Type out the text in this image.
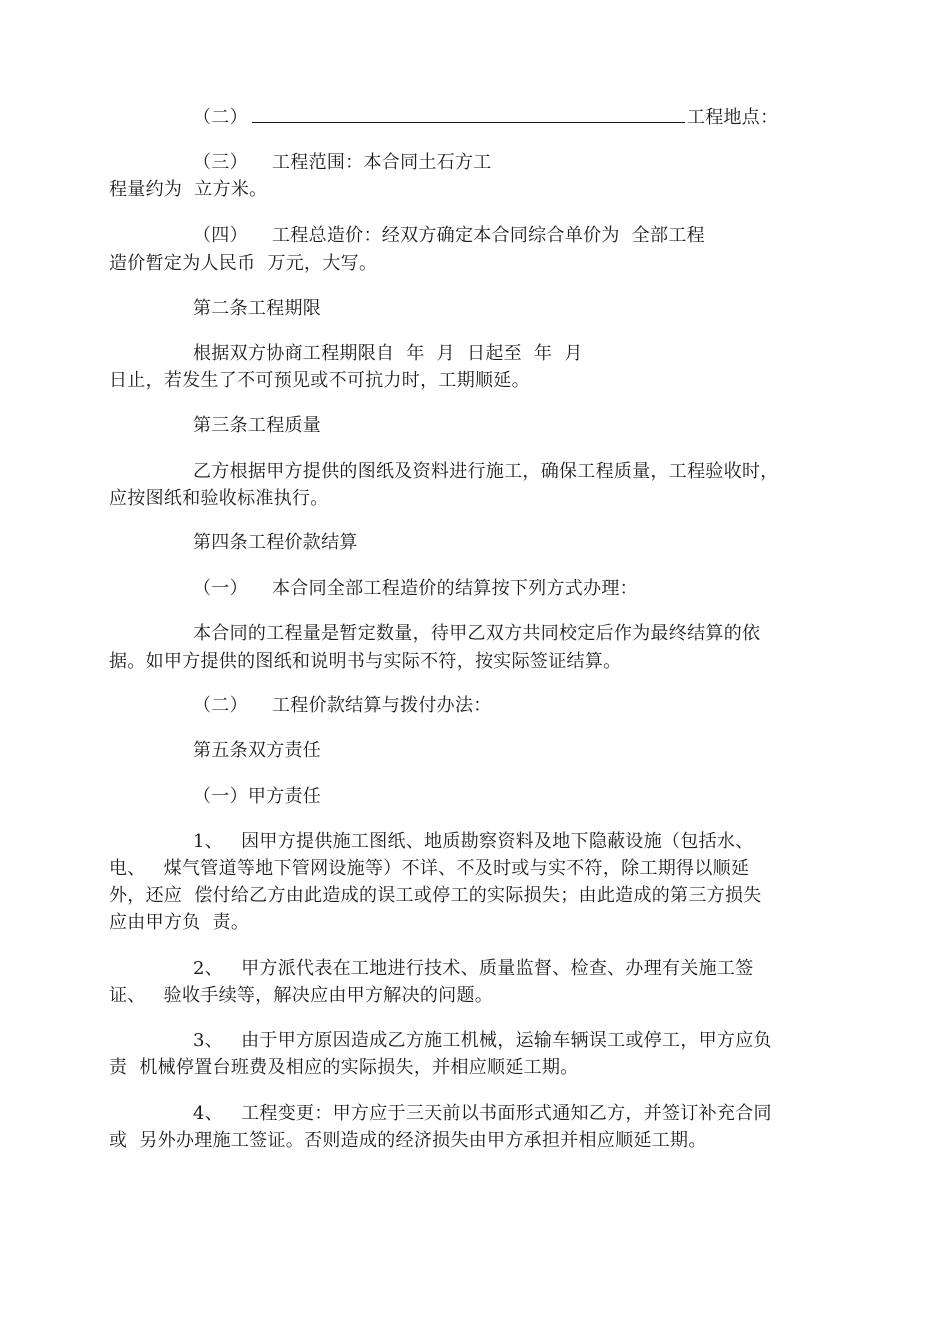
（二）	工程地点：
（三）    工程范围：本合同土石方工
程量约为  立方米。
（四）    工程总造价：经双方确定本合同综合单价为  全部工程
造价暂定为人民币  万元，大写。
第二条工程期限
根据双方协商工程期限自  年  月  日起至  年  月
日止，若发生了不可预见或不可抗力时，工期顺延。
第三条工程质量
乙方根据甲方提供的图纸及资料进行施工，确保工程质量，工程验收时，
应按图纸和验收标准执行。
第四条工程价款结算
（一）    本合同全部工程造价的结算按下列方式办理：
本合同的工程量是暂定数量，待甲乙双方共同校定后作为最终结算的依
据。如甲方提供的图纸和说明书与实际不符，按实际签证结算。
（二）    工程价款结算与拨付办法：
第五条双方责任
（一）甲方责任
1、   因甲方提供施工图纸、地质勘察资料及地下隐蔽设施（包括水、
电、   煤气管道等地下管网设施等）不详、不及时或与实不符，除工期得以顺延
外，还应  偿付给乙方由此造成的误工或停工的实际损失；由此造成的第三方损失
应由甲方负  责。
2、   甲方派代表在工地进行技术、质量监督、检查、办理有关施工签
证、   验收手续等，解决应由甲方解决的问题。
3、   由于甲方原因造成乙方施工机械，运输车辆误工或停工，甲方应负
责  机械停置台班费及相应的实际损失，并相应顺延工期。
4、   工程变更：甲方应于三天前以书面形式通知乙方，并签订补充合同
或  另外办理施工签证。否则造成的经济损失由甲方承担并相应顺延工期。
